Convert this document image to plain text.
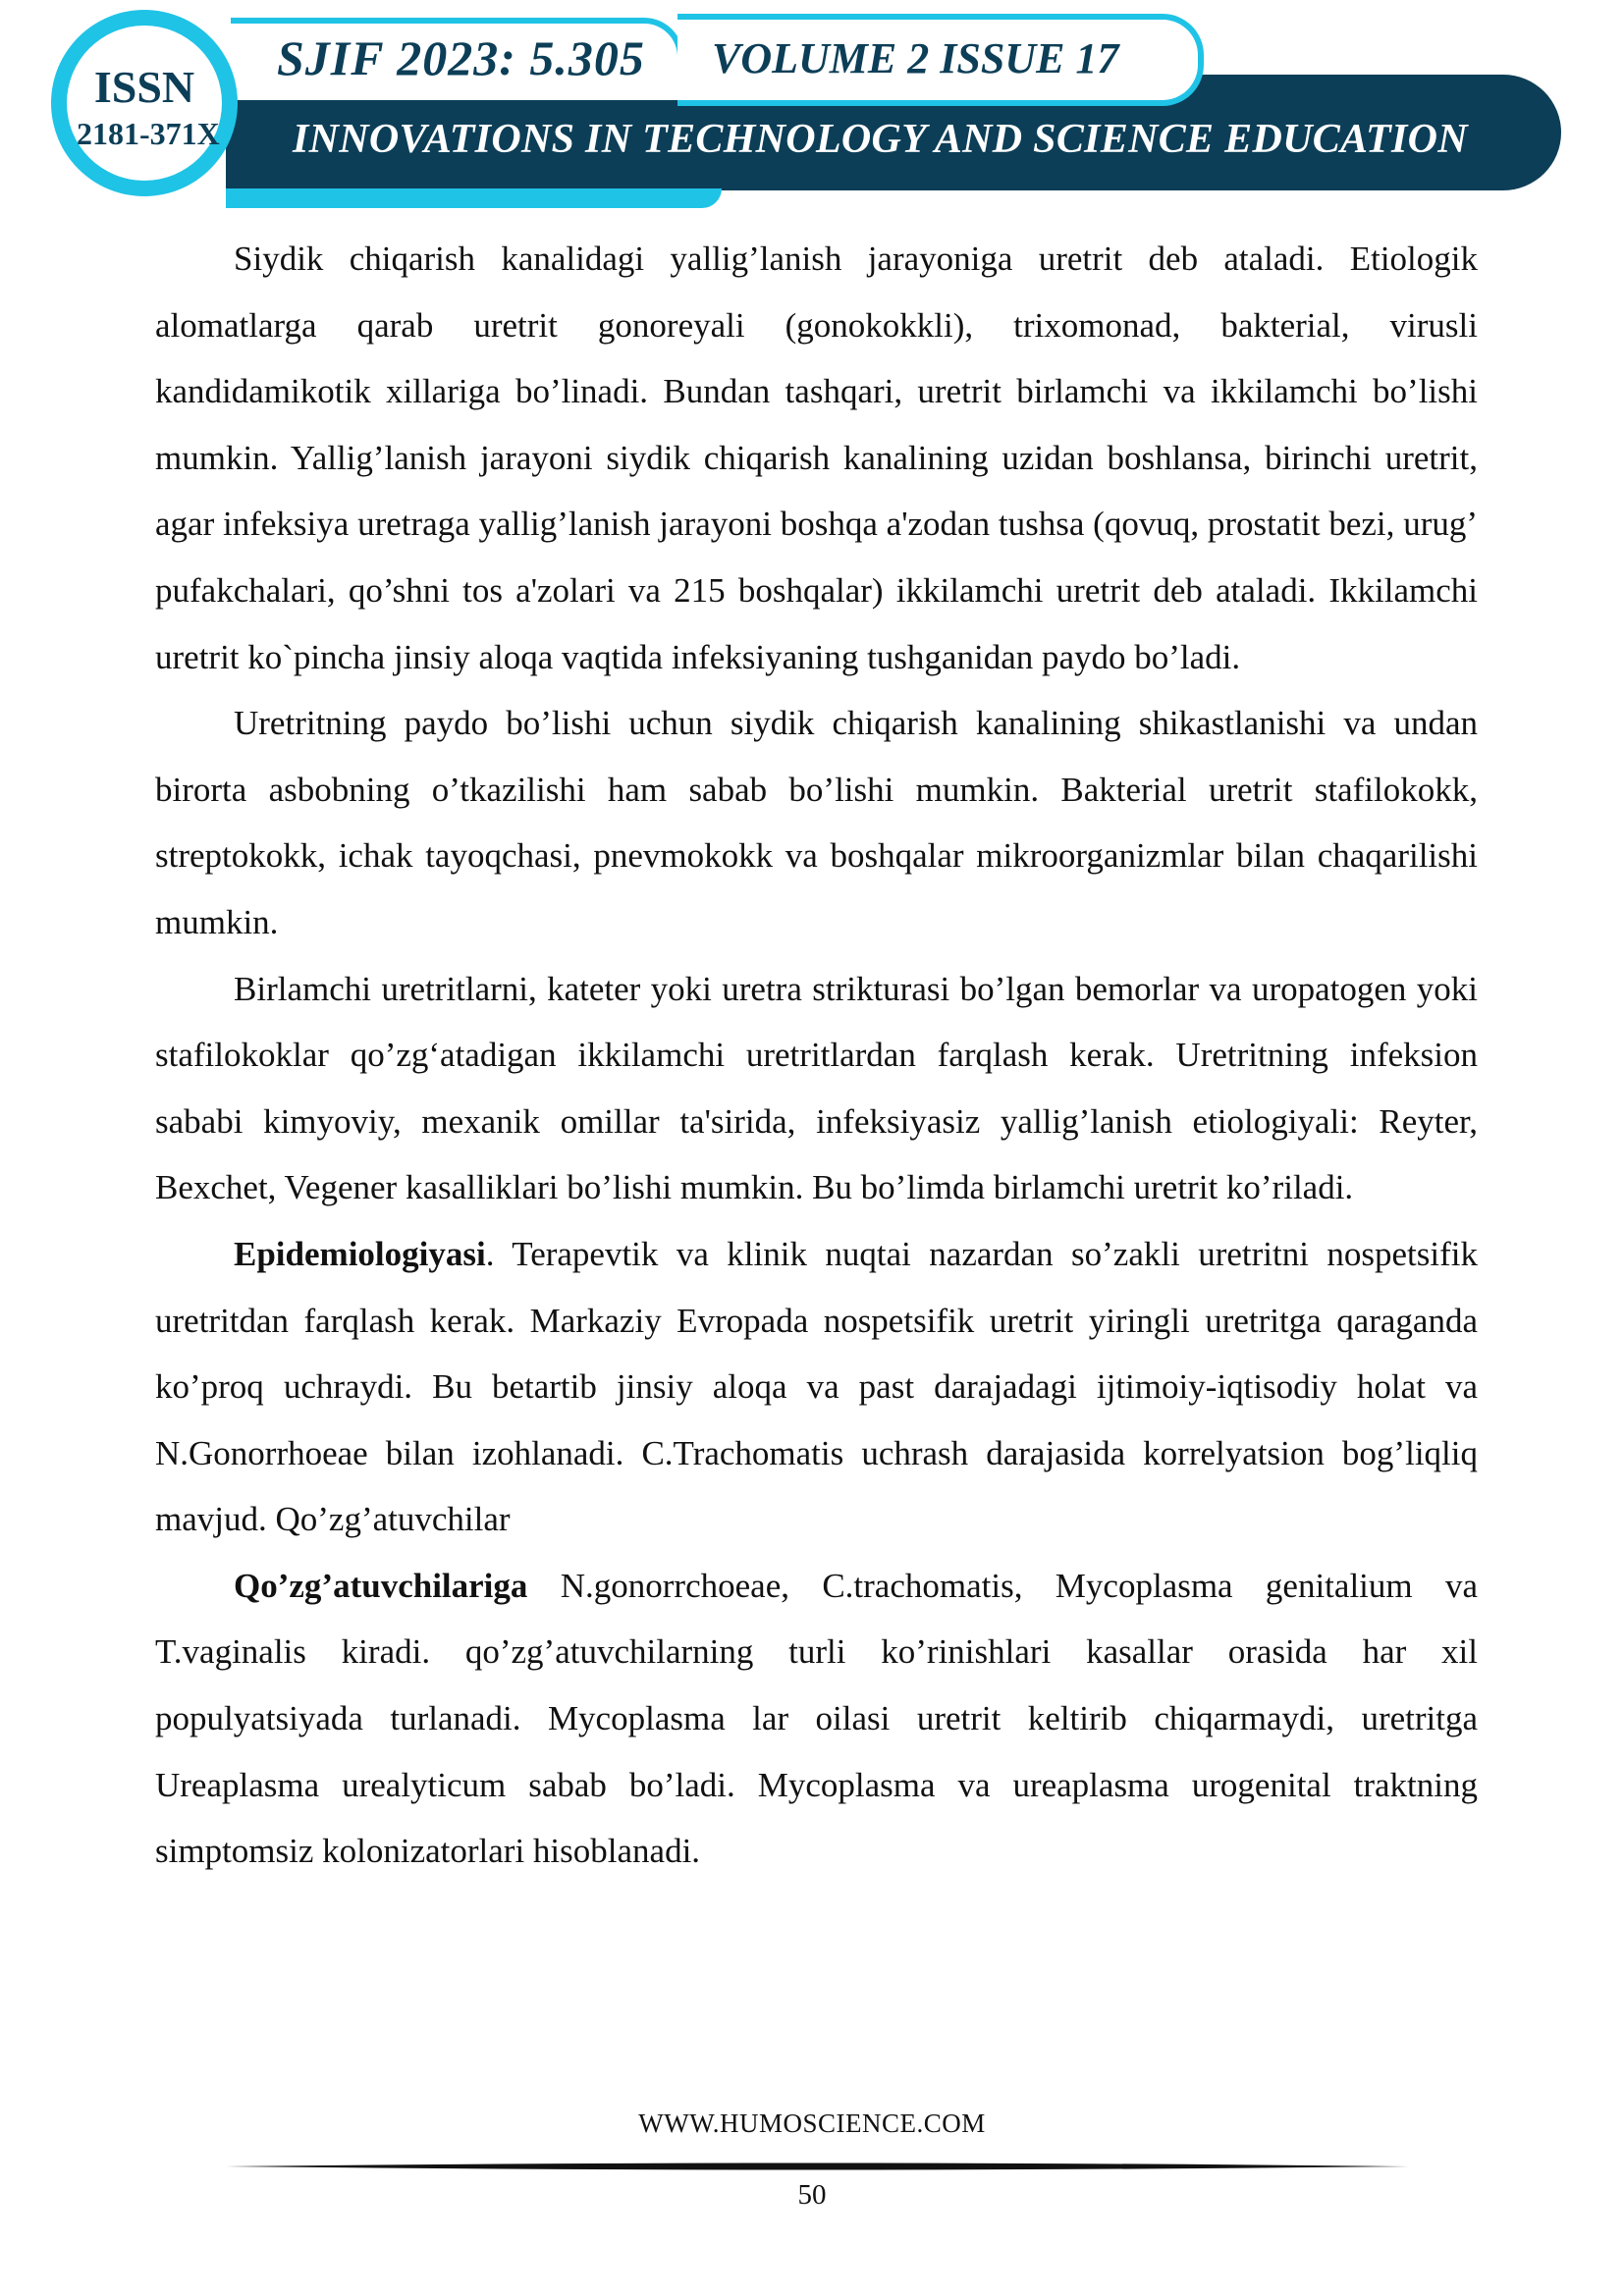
SJIF 2023: 5.305 VOLUME 2 ISSUE 17
INNOVATIONS IN TECHNOLOGY AND SCIENCE EDUCATION
ISSN
2181-371X

Siydik chiqarish kanalidagi yallig’lanish jarayoniga uretrit deb ataladi. Etiologik alomatlarga qarab uretrit gonoreyali (gonokokkli), trixomonad, bakterial, virusli kandidamikotik xillariga bo’linadi. Bundan tashqari, uretrit birlamchi va ikkilamchi bo’lishi mumkin. Yallig’lanish jarayoni siydik chiqarish kanalining uzidan boshlansa, birinchi uretrit, agar infeksiya uretraga yallig’lanish jarayoni boshqa a'zodan tushsa (qovuq, prostatit bezi, urug’ pufakchalari, qo’shni tos a'zolari va 215 boshqalar) ikkilamchi uretrit deb ataladi. Ikkilamchi uretrit ko`pincha jinsiy aloqa vaqtida infeksiyaning tushganidan paydo bo’ladi.

Uretritning paydo bo’lishi uchun siydik chiqarish kanalining shikastlanishi va undan birorta asbobning o’tkazilishi ham sabab bo’lishi mumkin. Bakterial uretrit stafilokokk, streptokokk, ichak tayoqchasi, pnevmokokk va boshqalar mikroorganizmlar bilan chaqarilishi mumkin.

Birlamchi uretritlarni, kateter yoki uretra strikturasi bo’lgan bemorlar va uropatogen yoki stafilokoklar qo’zg‘atadigan ikkilamchi uretritlardan farqlash kerak. Uretritning infeksion sababi kimyoviy, mexanik omillar ta'sirida, infeksiyasiz yallig’lanish etiologiyali: Reyter, Bexchet, Vegener kasalliklari bo’lishi mumkin. Bu bo’limda birlamchi uretrit ko’riladi.

Epidemiologiyasi. Terapevtik va klinik nuqtai nazardan so’zakli uretritni nospetsifik uretritdan farqlash kerak. Markaziy Evropada nospetsifik uretrit yiringli uretritga qaraganda ko’proq uchraydi. Bu betartib jinsiy aloqa va past darajadagi ijtimoiy-iqtisodiy holat va N.Gonorrhoeae bilan izohlanadi. C.Trachomatis uchrash darajasida korrelyatsion bog’liqliq mavjud. Qo’zg’atuvchilar

Qo’zg’atuvchilariga N.gonorrchoeae, C.trachomatis, Mycoplasma genitalium va T.vaginalis kiradi. qo’zg’atuvchilarning turli ko’rinishlari kasallar orasida har xil populyatsiyada turlanadi. Mycoplasma lar oilasi uretrit keltirib chiqarmaydi, uretritga Ureaplasma urealyticum sabab bo’ladi. Mycoplasma va ureaplasma urogenital traktning simptomsiz kolonizatorlari hisoblanadi.

WWW.HUMOSCIENCE.COM
50
